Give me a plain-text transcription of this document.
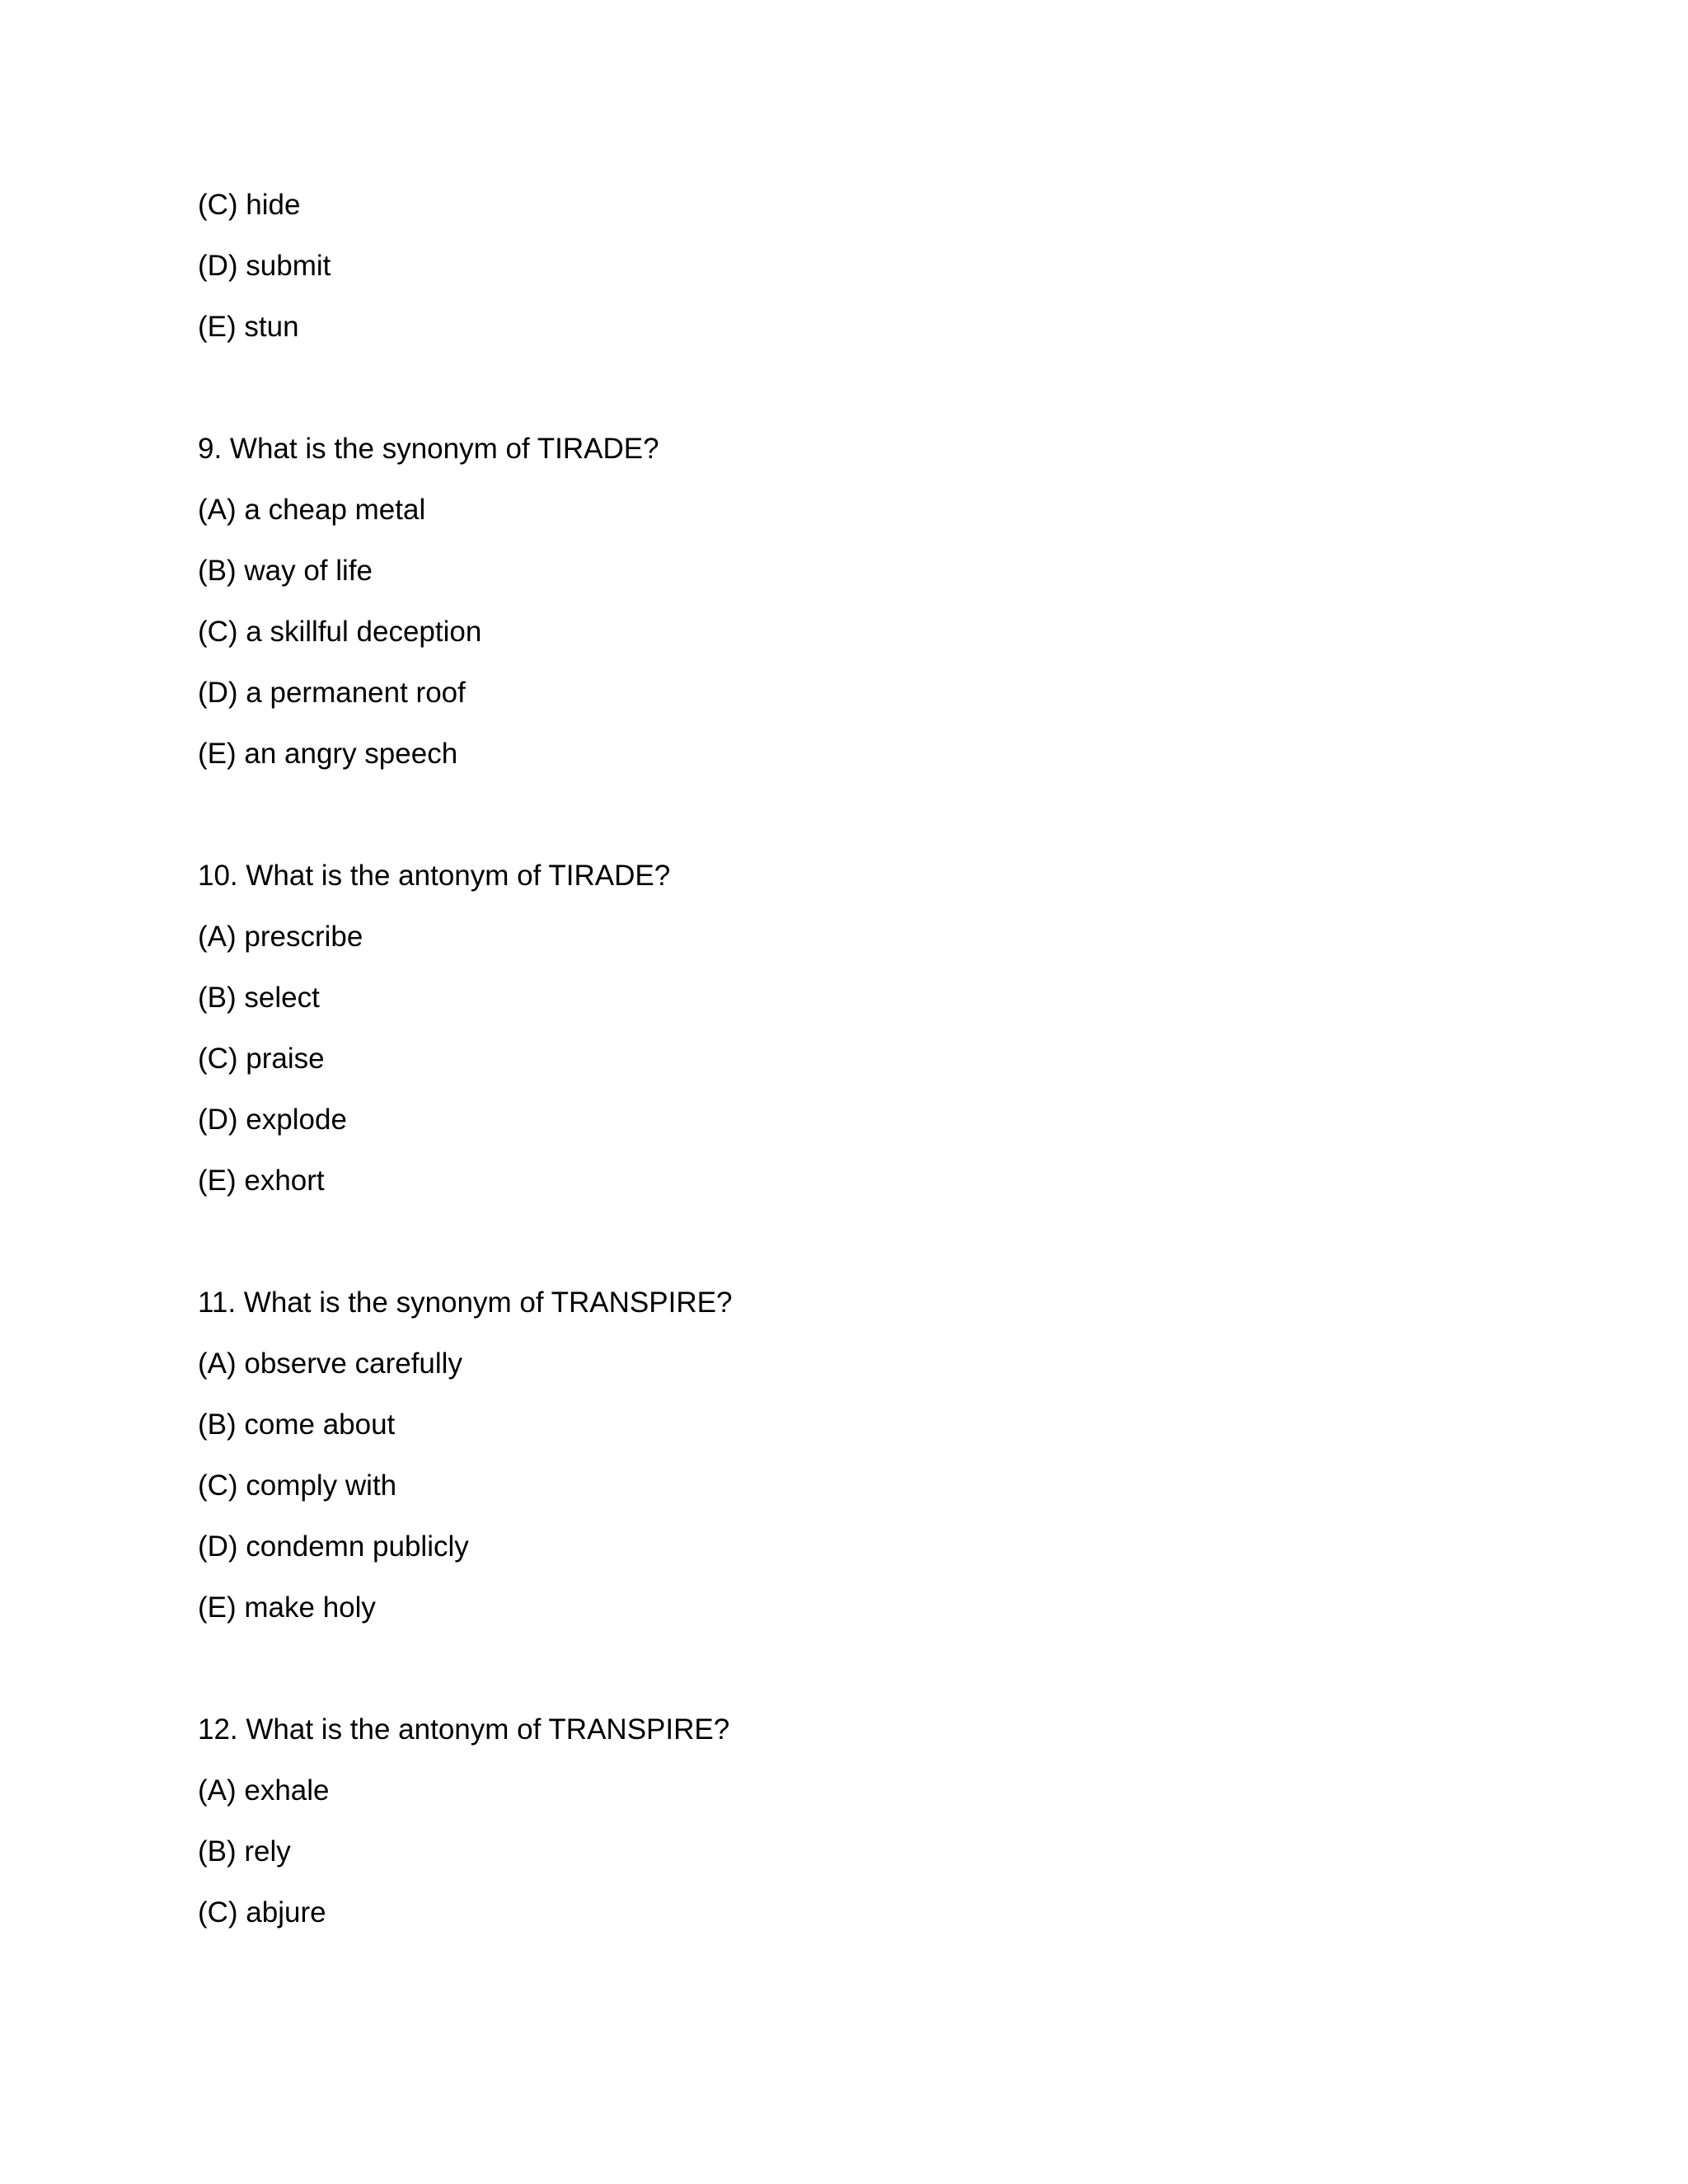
(C) hide
(D) submit
(E) stun
9. What is the synonym of TIRADE?
(A) a cheap metal
(B) way of life
(C) a skillful deception
(D) a permanent roof
(E) an angry speech
10. What is the antonym of TIRADE?
(A) prescribe
(B) select
(C) praise
(D) explode
(E) exhort
11. What is the synonym of TRANSPIRE?
(A) observe carefully
(B) come about
(C) comply with
(D) condemn publicly
(E) make holy
12. What is the antonym of TRANSPIRE?
(A) exhale
(B) rely
(C) abjure
